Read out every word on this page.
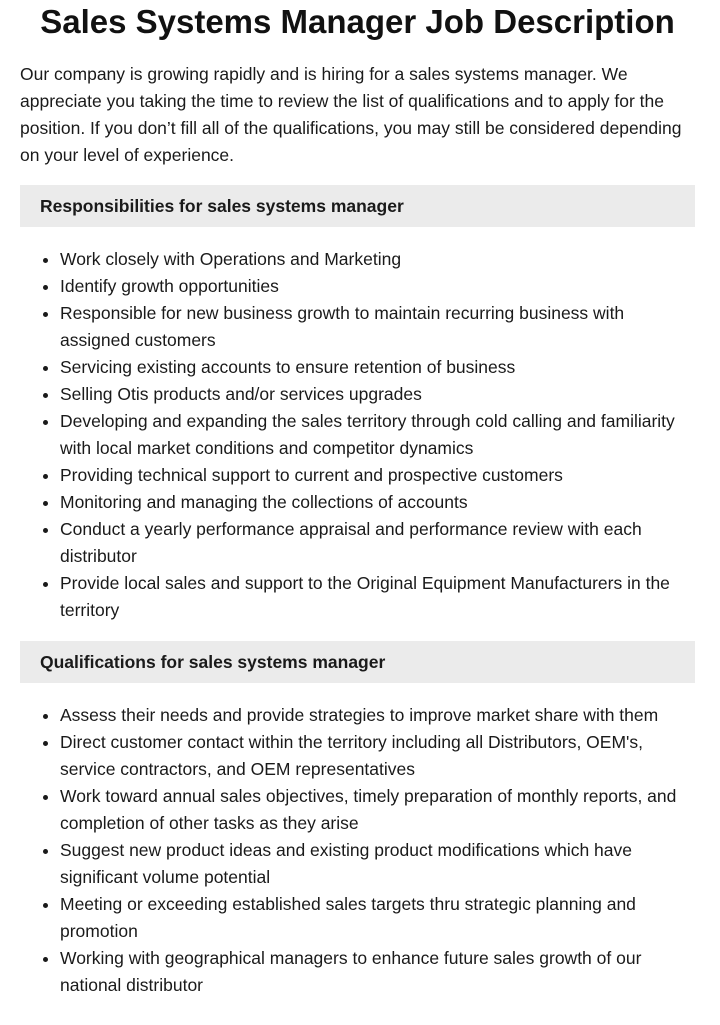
Sales Systems Manager Job Description

Our company is growing rapidly and is hiring for a sales systems manager. We appreciate you taking the time to review the list of qualifications and to apply for the position. If you don’t fill all of the qualifications, you may still be considered depending on your level of experience.

Responsibilities for sales systems manager
• Work closely with Operations and Marketing
• Identify growth opportunities
• Responsible for new business growth to maintain recurring business with assigned customers
• Servicing existing accounts to ensure retention of business
• Selling Otis products and/or services upgrades
• Developing and expanding the sales territory through cold calling and familiarity with local market conditions and competitor dynamics
• Providing technical support to current and prospective customers
• Monitoring and managing the collections of accounts
• Conduct a yearly performance appraisal and performance review with each distributor
• Provide local sales and support to the Original Equipment Manufacturers in the territory
Qualifications for sales systems manager
• Assess their needs and provide strategies to improve market share with them
• Direct customer contact within the territory including all Distributors, OEM's, service contractors, and OEM representatives
• Work toward annual sales objectives, timely preparation of monthly reports, and completion of other tasks as they arise
• Suggest new product ideas and existing product modifications which have significant volume potential
• Meeting or exceeding established sales targets thru strategic planning and promotion
• Working with geographical managers to enhance future sales growth of our national distributor
